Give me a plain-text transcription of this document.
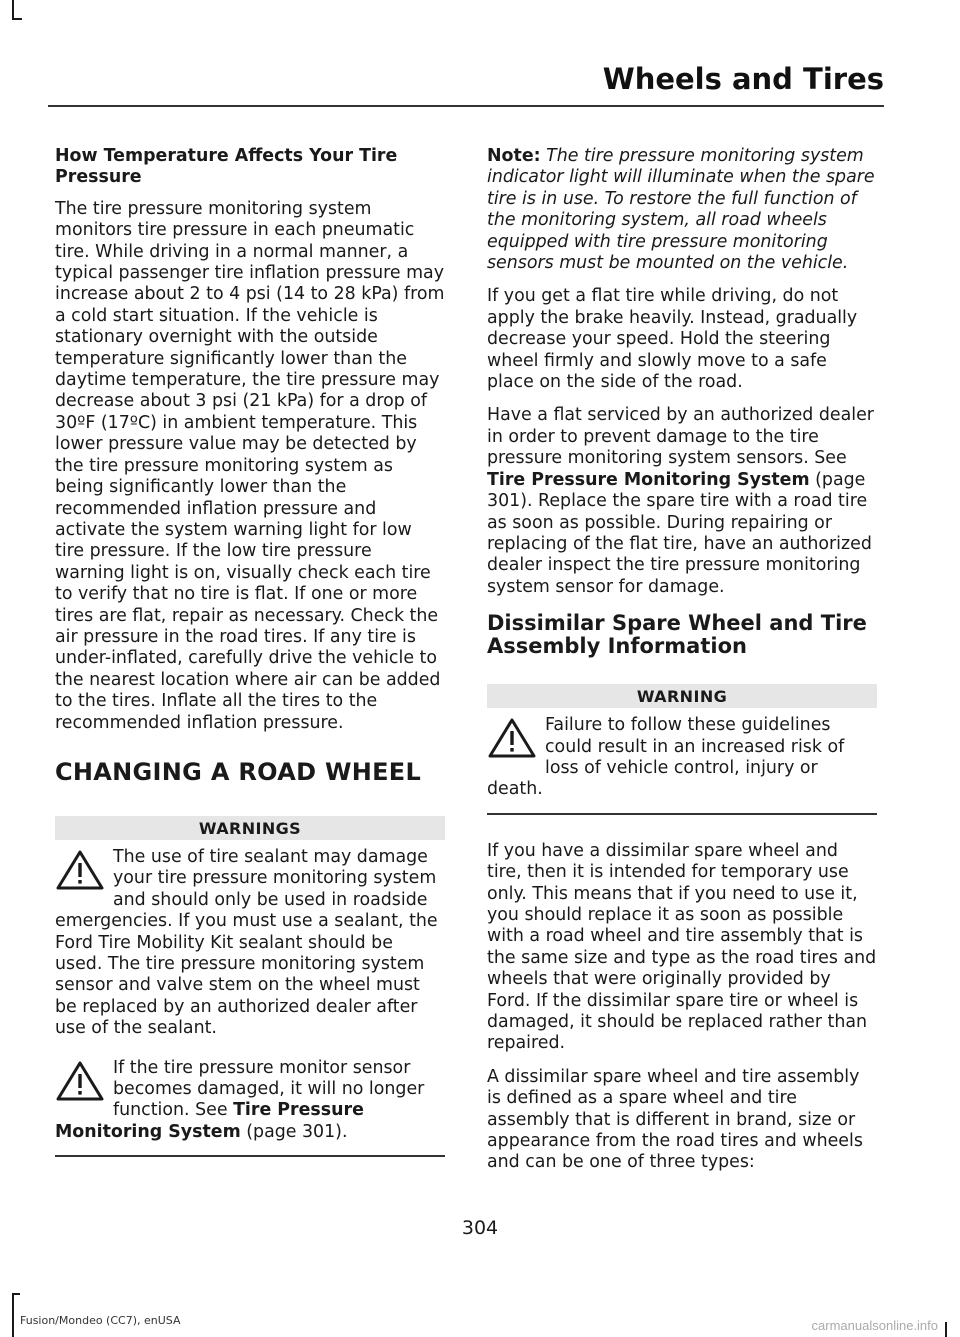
Wheels and Tires
How Temperature Affects Your Tire Pressure

The tire pressure monitoring system monitors tire pressure in each pneumatic tire. While driving in a normal manner, a typical passenger tire inflation pressure may increase about 2 to 4 psi (14 to 28 kPa) from a cold start situation. If the vehicle is stationary overnight with the outside temperature significantly lower than the daytime temperature, the tire pressure may decrease about 3 psi (21 kPa) for a drop of 30ºF (17ºC) in ambient temperature. This lower pressure value may be detected by the tire pressure monitoring system as being significantly lower than the recommended inflation pressure and activate the system warning light for low tire pressure. If the low tire pressure warning light is on, visually check each tire to verify that no tire is flat. If one or more tires are flat, repair as necessary. Check the air pressure in the road tires. If any tire is under-inflated, carefully drive the vehicle to the nearest location where air can be added to the tires. Inflate all the tires to the recommended inflation pressure.

CHANGING A ROAD WHEEL
WARNINGS

The use of tire sealant may damage your tire pressure monitoring system and should only be used in roadside emergencies. If you must use a sealant, the Ford Tire Mobility Kit sealant should be used. The tire pressure monitoring system sensor and valve stem on the wheel must be replaced by an authorized dealer after use of the sealant.

If the tire pressure monitor sensor becomes damaged, it will no longer function. See Tire Pressure Monitoring System (page 301).

Note: The tire pressure monitoring system indicator light will illuminate when the spare tire is in use. To restore the full function of the monitoring system, all road wheels equipped with tire pressure monitoring sensors must be mounted on the vehicle.

If you get a flat tire while driving, do not apply the brake heavily. Instead, gradually decrease your speed. Hold the steering wheel firmly and slowly move to a safe place on the side of the road.

Have a flat serviced by an authorized dealer in order to prevent damage to the tire pressure monitoring system sensors. See Tire Pressure Monitoring System (page 301). Replace the spare tire with a road tire as soon as possible. During repairing or replacing of the flat tire, have an authorized dealer inspect the tire pressure monitoring system sensor for damage.

Dissimilar Spare Wheel and Tire Assembly Information
WARNING

Failure to follow these guidelines could result in an increased risk of loss of vehicle control, injury or death.

If you have a dissimilar spare wheel and tire, then it is intended for temporary use only. This means that if you need to use it, you should replace it as soon as possible with a road wheel and tire assembly that is the same size and type as the road tires and wheels that were originally provided by Ford. If the dissimilar spare tire or wheel is damaged, it should be replaced rather than repaired.

A dissimilar spare wheel and tire assembly is defined as a spare wheel and tire assembly that is different in brand, size or appearance from the road tires and wheels and can be one of three types:

304
Fusion/Mondeo (CC7), enUSA	carmanualsonline.info
